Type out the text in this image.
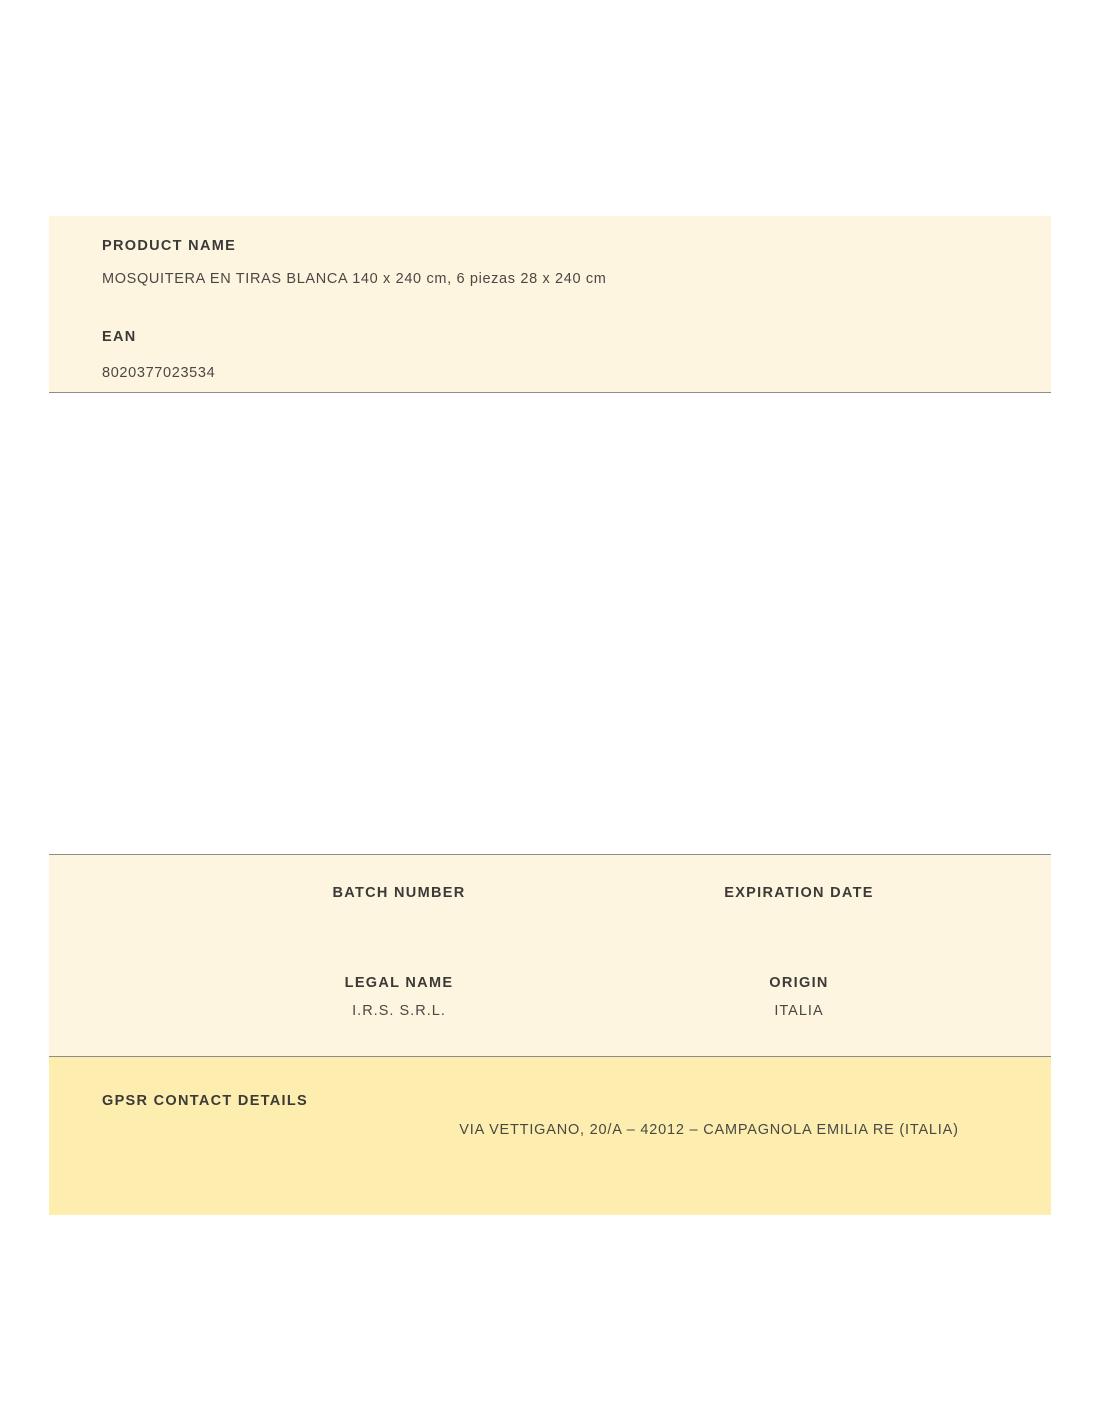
PRODUCT NAME
MOSQUITERA EN TIRAS BLANCA 140 x 240 cm, 6 piezas 28 x 240 cm
EAN
8020377023534
BATCH NUMBER	EXPIRATION DATE
LEGAL NAME
I.R.S. S.R.L.
ORIGIN
ITALIA
GPSR CONTACT DETAILS
VIA VETTIGANO, 20/A – 42012 – CAMPAGNOLA EMILIA RE (ITALIA)
